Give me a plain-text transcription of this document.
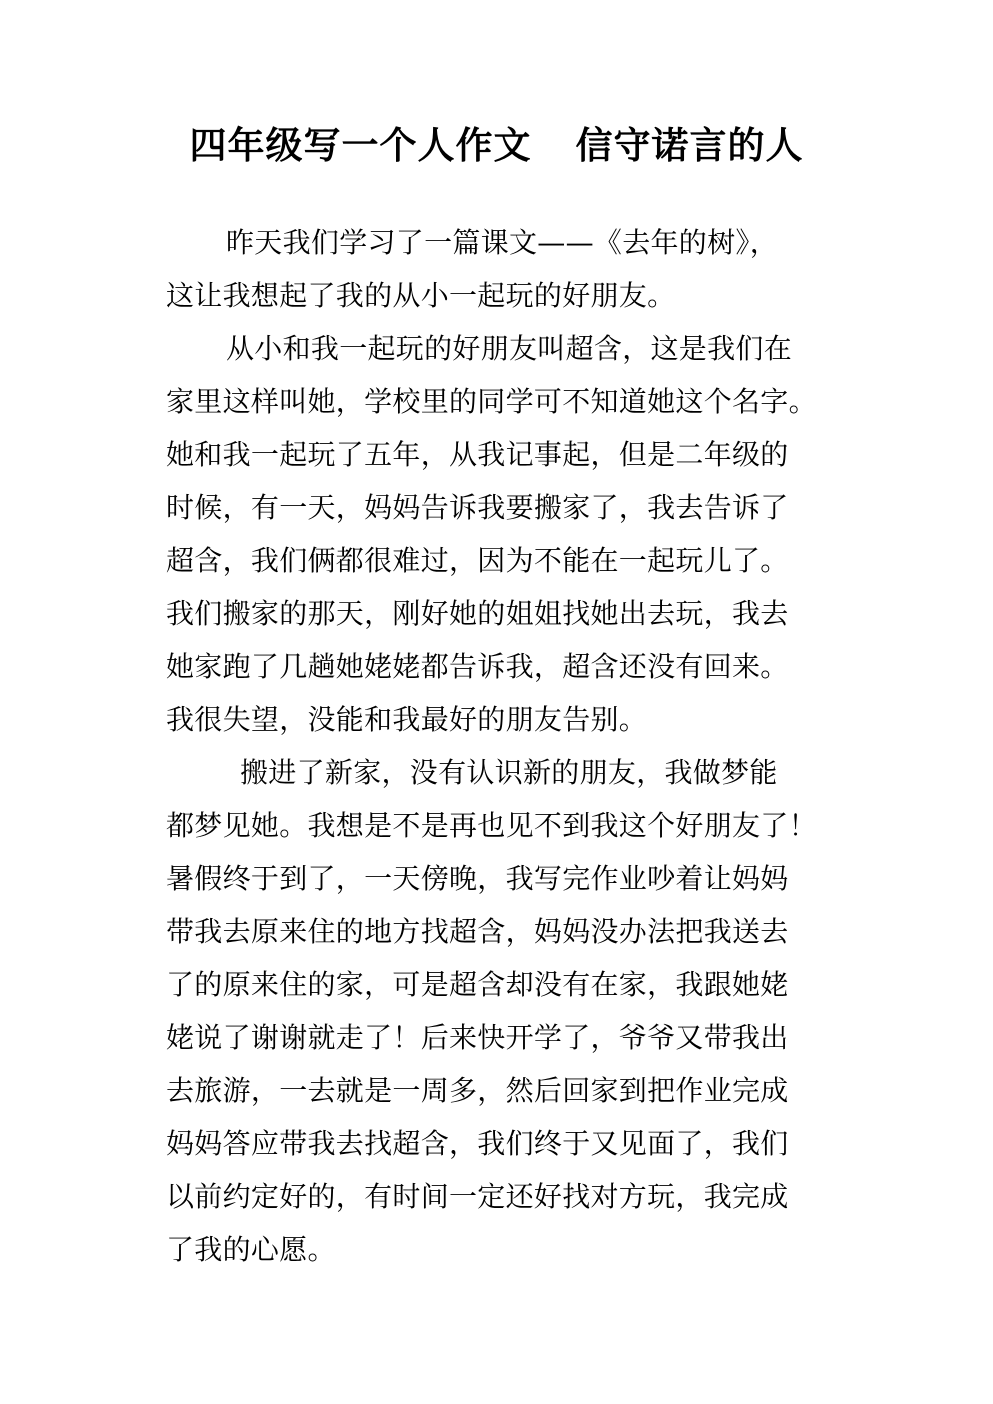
四年级写一个人作文 信守诺言的人
昨天我们学习了一篇课文——《去年的树》，
这让我想起了我的从小一起玩的好朋友。
从小和我一起玩的好朋友叫超含，这是我们在
家里这样叫她，学校里的同学可不知道她这个名字。
她和我一起玩了五年，从我记事起，但是二年级的
时候，有一天，妈妈告诉我要搬家了，我去告诉了
超含，我们俩都很难过，因为不能在一起玩儿了。
我们搬家的那天，刚好她的姐姐找她出去玩，我去
她家跑了几趟她姥姥都告诉我，超含还没有回来。
我很失望，没能和我最好的朋友告别。
搬进了新家，没有认识新的朋友，我做梦能
都梦见她。我想是不是再也见不到我这个好朋友了！
暑假终于到了，一天傍晚，我写完作业吵着让妈妈
带我去原来住的地方找超含，妈妈没办法把我送去
了的原来住的家，可是超含却没有在家，我跟她姥
姥说了谢谢就走了！后来快开学了，爷爷又带我出
去旅游，一去就是一周多，然后回家到把作业完成
妈妈答应带我去找超含，我们终于又见面了，我们
以前约定好的，有时间一定还好找对方玩，我完成
了我的心愿。
